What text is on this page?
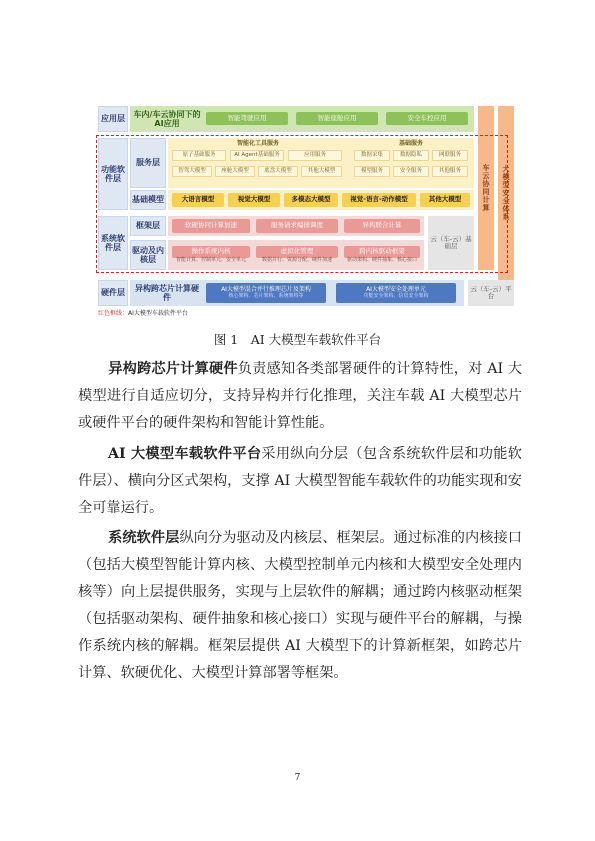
应用层
车内/车云协同下的AI应用
智能驾驶应用	智能座舱应用	安全车控应用
车云协同计算 大模型安全体系
功能软件层
服务层
智能化工具服务
原子基础服务	AI Agent基础服务	应用服务
智驾大模型	座舱大模型	底盘大模型	其他大模型
基础服务
数据采集	数据隐私	网联服务
模型服务	安全服务	其他服务
基础模型	大语言模型	视觉大模型	多模态大模型	视觉-语言-动作模型	其他大模型
系统软件层
框架层	软硬协同计算加速	服务请求编排调度	异构联合计算
驱动及内核层
操作系统内核
智能计算、控制单元、安全单元
虚拟化管理
数据并行、资源分配、硬件加速
跨内核驱动框架
驱动架构、硬件抽象、核心接口
云（车-云）基础层
硬件层
异构跨芯片计算硬件
AI大模型混合并行推理芯片及架构
核心架构、芯片架构、系统架构等
AI大模型安全处理单元
功能安全架构、信息安全架构
云（车-云）平台
红色框线： AI大模型车载软件平台
图 1　AI 大模型车载软件平台
异构跨芯片计算硬件负责感知各类部署硬件的计算特性，对 AI 大模型进行自适应切分，支持异构并行化推理，关注车载 AI 大模型芯片或硬件平台的硬件架构和智能计算性能。
AI 大模型车载软件平台采用纵向分层（包含系统软件层和功能软件层）、横向分区式架构，支撑 AI 大模型智能车载软件的功能实现和安全可靠运行。
系统软件层纵向分为驱动及内核层、框架层。通过标准的内核接口（包括大模型智能计算内核、大模型控制单元内核和大模型安全处理内核等）向上层提供服务，实现与上层软件的解耦；通过跨内核驱动框架（包括驱动架构、硬件抽象和核心接口）实现与硬件平台的解耦，与操作系统内核的解耦。框架层提供 AI 大模型下的计算新框架，如跨芯片计算、软硬优化、大模型计算部署等框架。
7
